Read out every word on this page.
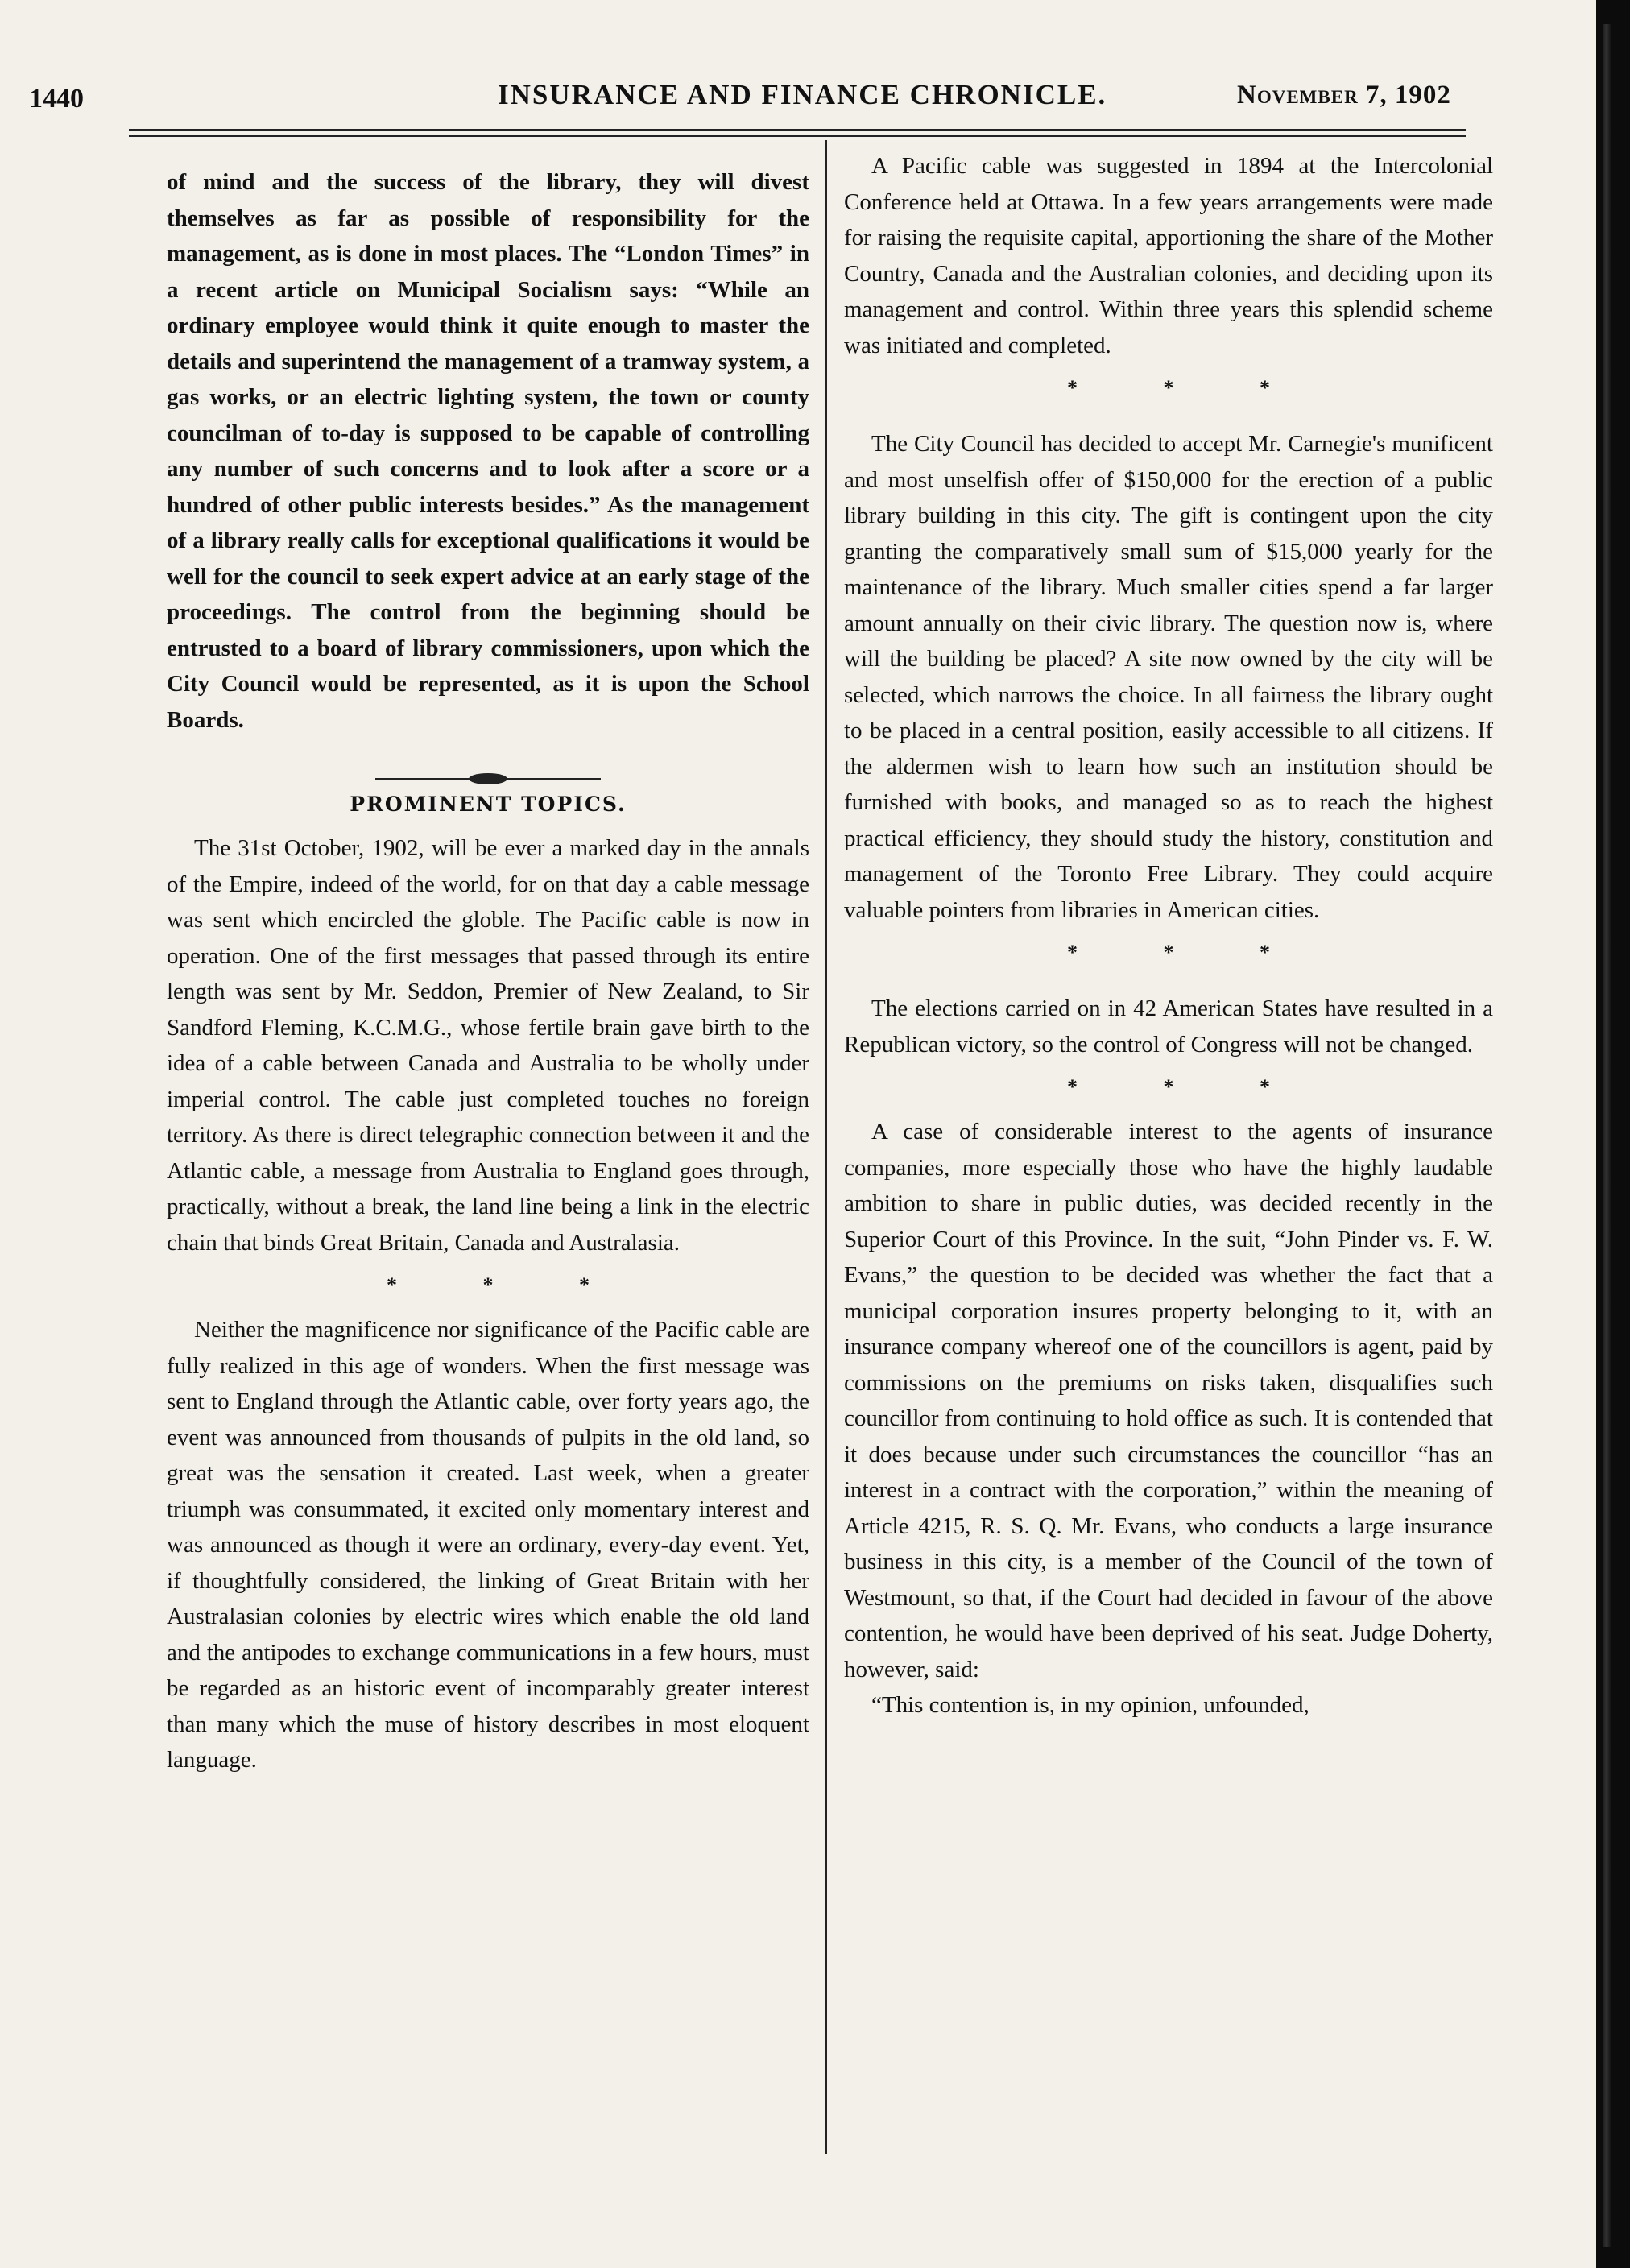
1440	INSURANCE AND FINANCE CHRONICLE.	November 7, 1902

of mind and the success of the library, they will divest themselves as far as possible of responsibility for the management, as is done in most places. The “London Times” in a recent article on Municipal Socialism says: “While an ordinary employee would think it quite enough to master the details and superintend the management of a tramway system, a gas works, or an electric lighting system, the town or county councilman of to-day is supposed to be capable of controlling any number of such concerns and to look after a score or a hundred of other public interests besides.” As the management of a library really calls for exceptional qualifications it would be well for the council to seek expert advice at an early stage of the proceedings. The control from the beginning should be entrusted to a board of library commissioners, upon which the City Council would be represented, as it is upon the School Boards.

PROMINENT TOPICS.

The 31st October, 1902, will be ever a marked day in the annals of the Empire, indeed of the world, for on that day a cable message was sent which encircled the globle. The Pacific cable is now in operation. One of the first messages that passed through its entire length was sent by Mr. Seddon, Premier of New Zealand, to Sir Sandford Fleming, K.C.M.G., whose fertile brain gave birth to the idea of a cable between Canada and Australia to be wholly under imperial control. The cable just completed touches no foreign territory. As there is direct telegraphic connection between it and the Atlantic cable, a message from Australia to England goes through, practically, without a break, the land line being a link in the electric chain that binds Great Britain, Canada and Australasia.

* * *

Neither the magnificence nor significance of the Pacific cable are fully realized in this age of wonders. When the first message was sent to England through the Atlantic cable, over forty years ago, the event was announced from thousands of pulpits in the old land, so great was the sensation it created. Last week, when a greater triumph was consummated, it excited only momentary interest and was announced as though it were an ordinary, every-day event. Yet, if thoughtfully considered, the linking of Great Britain with her Australasian colonies by electric wires which enable the old land and the antipodes to exchange communications in a few hours, must be regarded as an historic event of incomparably greater interest than many which the muse of history describes in most eloquent language.

A Pacific cable was suggested in 1894 at the Intercolonial Conference held at Ottawa. In a few years arrangements were made for raising the requisite capital, apportioning the share of the Mother Country, Canada and the Australian colonies, and deciding upon its management and control. Within three years this splendid scheme was initiated and completed.

* * *

The City Council has decided to accept Mr. Carnegie's munificent and most unselfish offer of $150,000 for the erection of a public library building in this city. The gift is contingent upon the city granting the comparatively small sum of $15,000 yearly for the maintenance of the library. Much smaller cities spend a far larger amount annually on their civic library. The question now is, where will the building be placed? A site now owned by the city will be selected, which narrows the choice. In all fairness the library ought to be placed in a central position, easily accessible to all citizens. If the aldermen wish to learn how such an institution should be furnished with books, and managed so as to reach the highest practical efficiency, they should study the history, constitution and management of the Toronto Free Library. They could acquire valuable pointers from libraries in American cities.

* * *

The elections carried on in 42 American States have resulted in a Republican victory, so the control of Congress will not be changed.

* * *

A case of considerable interest to the agents of insurance companies, more especially those who have the highly laudable ambition to share in public duties, was decided recently in the Superior Court of this Province. In the suit, “John Pinder vs. F. W. Evans,” the question to be decided was whether the fact that a municipal corporation insures property belonging to it, with an insurance company whereof one of the councillors is agent, paid by commissions on the premiums on risks taken, disqualifies such councillor from continuing to hold office as such. It is contended that it does because under such circumstances the councillor “has an interest in a contract with the corporation,” within the meaning of Article 4215, R. S. Q. Mr. Evans, who conducts a large insurance business in this city, is a member of the Council of the town of Westmount, so that, if the Court had decided in favour of the above contention, he would have been deprived of his seat. Judge Doherty, however, said:

“This contention is, in my opinion, unfounded,
